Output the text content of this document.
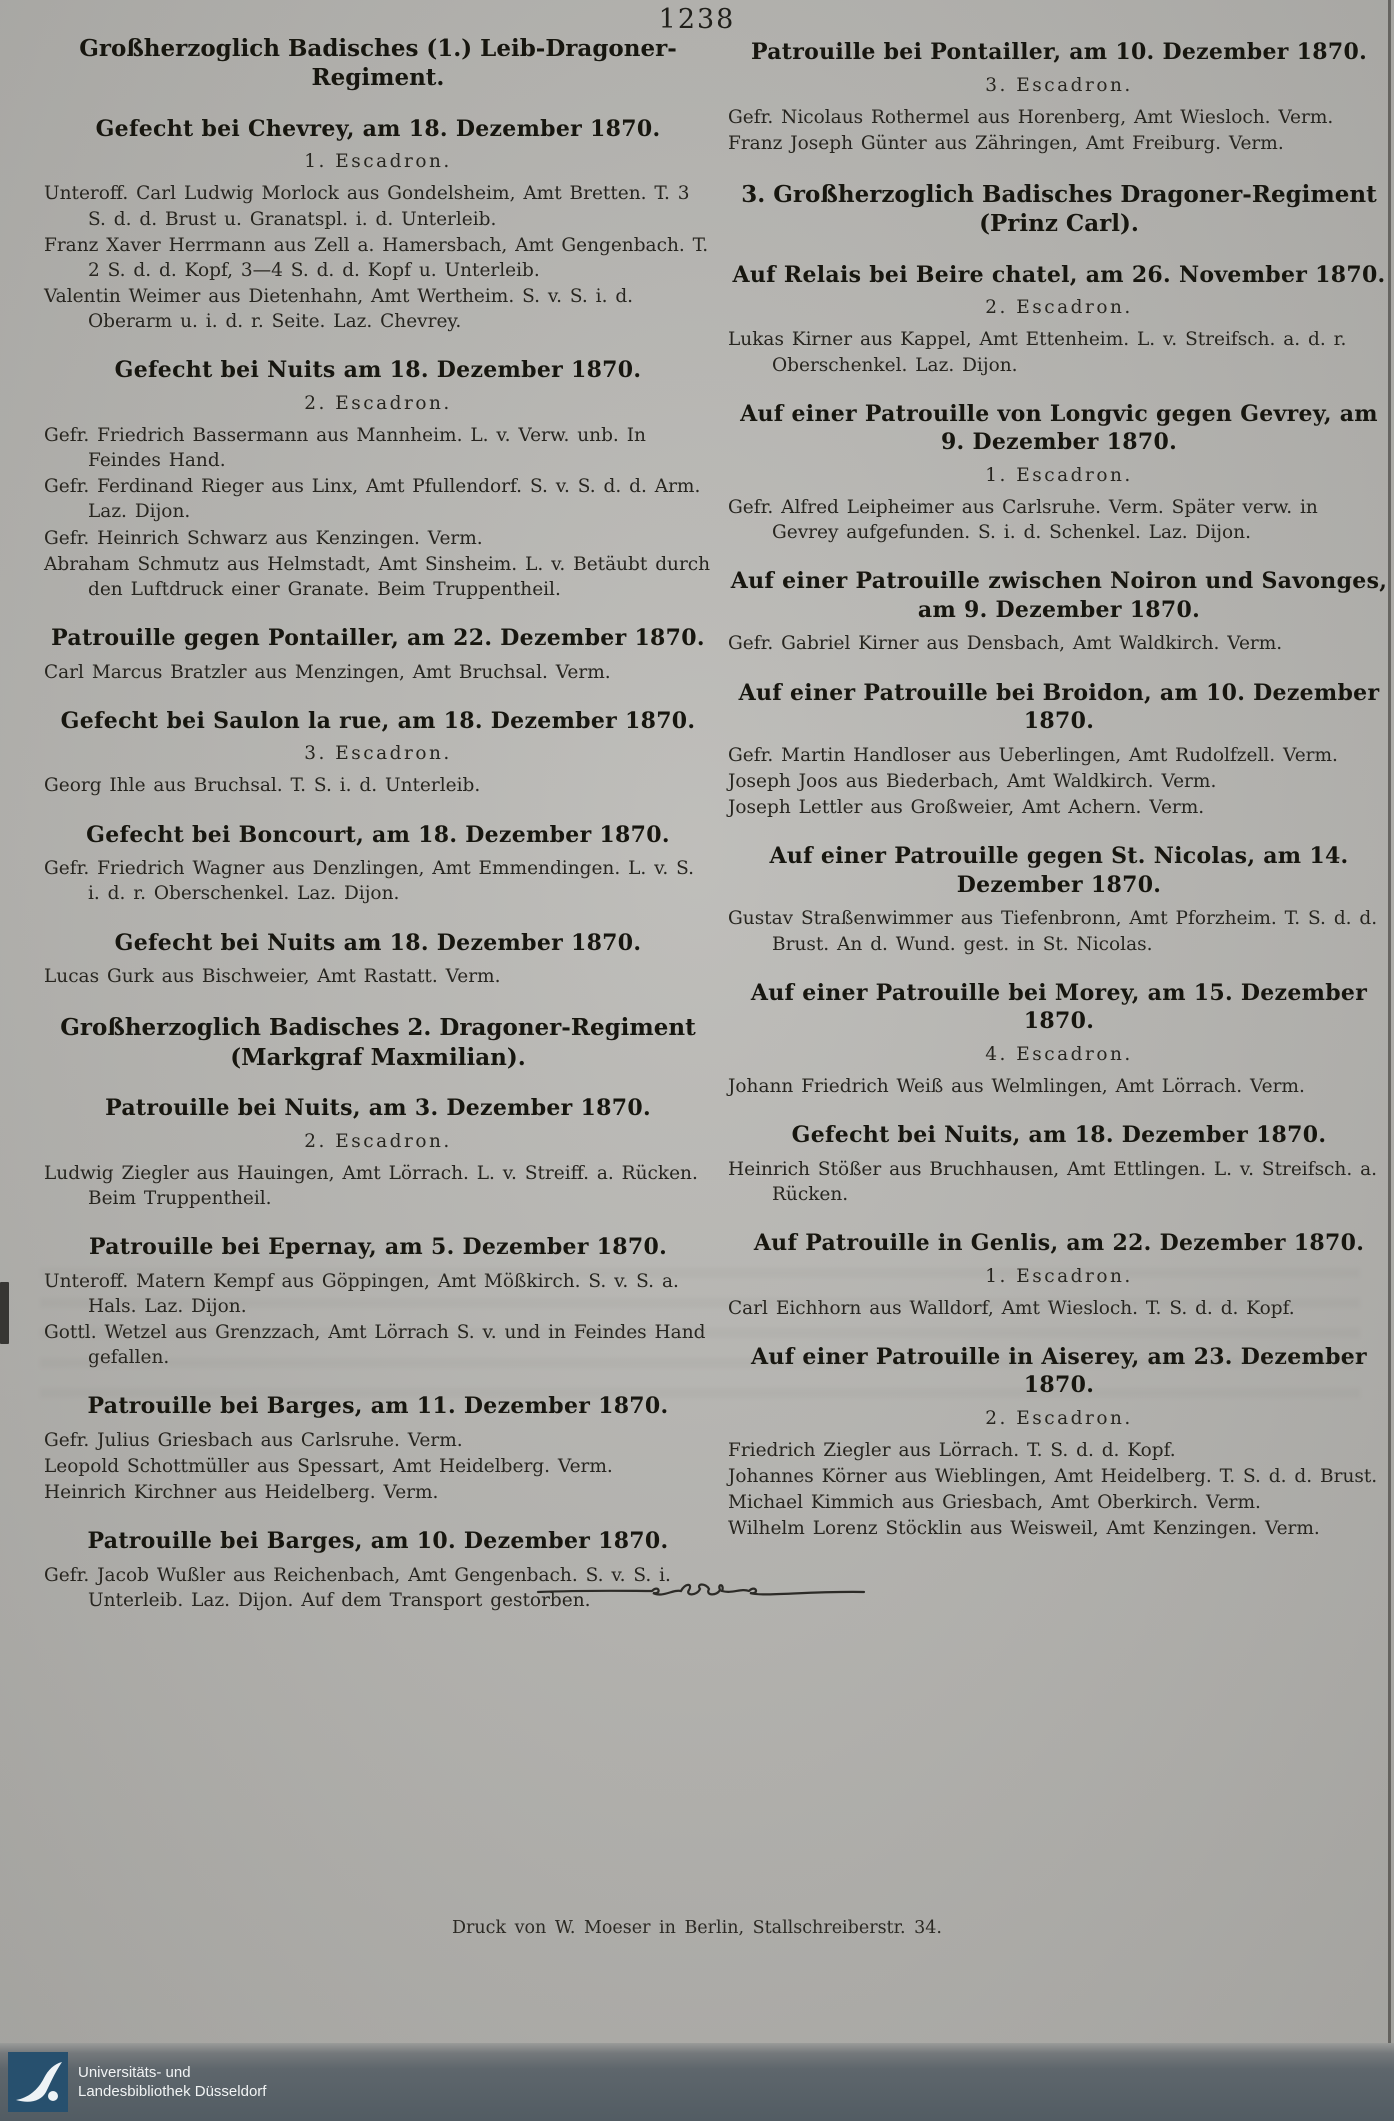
1238
Großherzoglich Badisches (1.) Leib-Dragoner-Regiment.
Gefecht bei Chevrey, am 18. Dezember 1870.
1. Escadron.
Unteroff. Carl Ludwig Morlock aus Gondelsheim, Amt Bretten. T. 3 S. d. d. Brust u. Granatspl. i. d. Unterleib.
Franz Xaver Herrmann aus Zell a. Hamersbach, Amt Gengenbach. T. 2 S. d. d. Kopf, 3—4 S. d. d. Kopf u. Unterleib.
Valentin Weimer aus Dietenhahn, Amt Wertheim. S. v. S. i. d. Oberarm u. i. d. r. Seite. Laz. Chevrey.
Gefecht bei Nuits am 18. Dezember 1870.
2. Escadron.
Gefr. Friedrich Bassermann aus Mannheim. L. v. Verw. unb. In Feindes Hand.
Gefr. Ferdinand Rieger aus Linx, Amt Pfullendorf. S. v. S. d. d. Arm. Laz. Dijon.
Gefr. Heinrich Schwarz aus Kenzingen. Verm.
Abraham Schmutz aus Helmstadt, Amt Sinsheim. L. v. Betäubt durch den Luftdruck einer Granate. Beim Truppentheil.
Patrouille gegen Pontailler, am 22. Dezember 1870.
Carl Marcus Bratzler aus Menzingen, Amt Bruchsal. Verm.
Gefecht bei Saulon la rue, am 18. Dezember 1870.
3. Escadron.
Georg Ihle aus Bruchsal. T. S. i. d. Unterleib.
Gefecht bei Boncourt, am 18. Dezember 1870.
Gefr. Friedrich Wagner aus Denzlingen, Amt Emmendingen. L. v. S. i. d. r. Oberschenkel. Laz. Dijon.
Gefecht bei Nuits am 18. Dezember 1870.
Lucas Gurk aus Bischweier, Amt Rastatt. Verm.
Großherzoglich Badisches 2. Dragoner-Regiment (Markgraf Maxmilian).
Patrouille bei Nuits, am 3. Dezember 1870.
2. Escadron.
Ludwig Ziegler aus Hauingen, Amt Lörrach. L. v. Streiff. a. Rücken. Beim Truppentheil.
Patrouille bei Epernay, am 5. Dezember 1870.
Unteroff. Matern Kempf aus Göppingen, Amt Mößkirch. S. v. S. a. Hals. Laz. Dijon.
Gottl. Wetzel aus Grenzzach, Amt Lörrach S. v. und in Feindes Hand gefallen.
Patrouille bei Barges, am 11. Dezember 1870.
Gefr. Julius Griesbach aus Carlsruhe. Verm.
Leopold Schottmüller aus Spessart, Amt Heidelberg. Verm.
Heinrich Kirchner aus Heidelberg. Verm.
Patrouille bei Barges, am 10. Dezember 1870.
Gefr. Jacob Wußler aus Reichenbach, Amt Gengenbach. S. v. S. i. Unterleib. Laz. Dijon. Auf dem Transport gestorben.
Patrouille bei Pontailler, am 10. Dezember 1870.
3. Escadron.
Gefr. Nicolaus Rothermel aus Horenberg, Amt Wiesloch. Verm.
Franz Joseph Günter aus Zähringen, Amt Freiburg. Verm.
3. Großherzoglich Badisches Dragoner-Regiment (Prinz Carl).
Auf Relais bei Beire chatel, am 26. November 1870.
2. Escadron.
Lukas Kirner aus Kappel, Amt Ettenheim. L. v. Streifsch. a. d. r. Oberschenkel. Laz. Dijon.
Auf einer Patrouille von Longvic gegen Gevrey, am 9. Dezember 1870.
1. Escadron.
Gefr. Alfred Leipheimer aus Carlsruhe. Verm. Später verw. in Gevrey aufgefunden. S. i. d. Schenkel. Laz. Dijon.
Auf einer Patrouille zwischen Noiron und Savonges, am 9. Dezember 1870.
Gefr. Gabriel Kirner aus Densbach, Amt Waldkirch. Verm.
Auf einer Patrouille bei Broidon, am 10. Dezember 1870.
Gefr. Martin Handloser aus Ueberlingen, Amt Rudolfzell. Verm.
Joseph Joos aus Biederbach, Amt Waldkirch. Verm.
Joseph Lettler aus Großweier, Amt Achern. Verm.
Auf einer Patrouille gegen St. Nicolas, am 14. Dezember 1870.
Gustav Straßenwimmer aus Tiefenbronn, Amt Pforzheim. T. S. d. d. Brust. An d. Wund. gest. in St. Nicolas.
Auf einer Patrouille bei Morey, am 15. Dezember 1870.
4. Escadron.
Johann Friedrich Weiß aus Welmlingen, Amt Lörrach. Verm.
Gefecht bei Nuits, am 18. Dezember 1870.
Heinrich Stößer aus Bruchhausen, Amt Ettlingen. L. v. Streifsch. a. Rücken.
Auf Patrouille in Genlis, am 22. Dezember 1870.
1. Escadron.
Carl Eichhorn aus Walldorf, Amt Wiesloch. T. S. d. d. Kopf.
Auf einer Patrouille in Aiserey, am 23. Dezember 1870.
2. Escadron.
Friedrich Ziegler aus Lörrach. T. S. d. d. Kopf.
Johannes Körner aus Wieblingen, Amt Heidelberg. T. S. d. d. Brust.
Michael Kimmich aus Griesbach, Amt Oberkirch. Verm.
Wilhelm Lorenz Stöcklin aus Weisweil, Amt Kenzingen. Verm.
Druck von W. Moeser in Berlin, Stallschreiberstr. 34.
Universitäts- und
Landesbibliothek Düsseldorf
